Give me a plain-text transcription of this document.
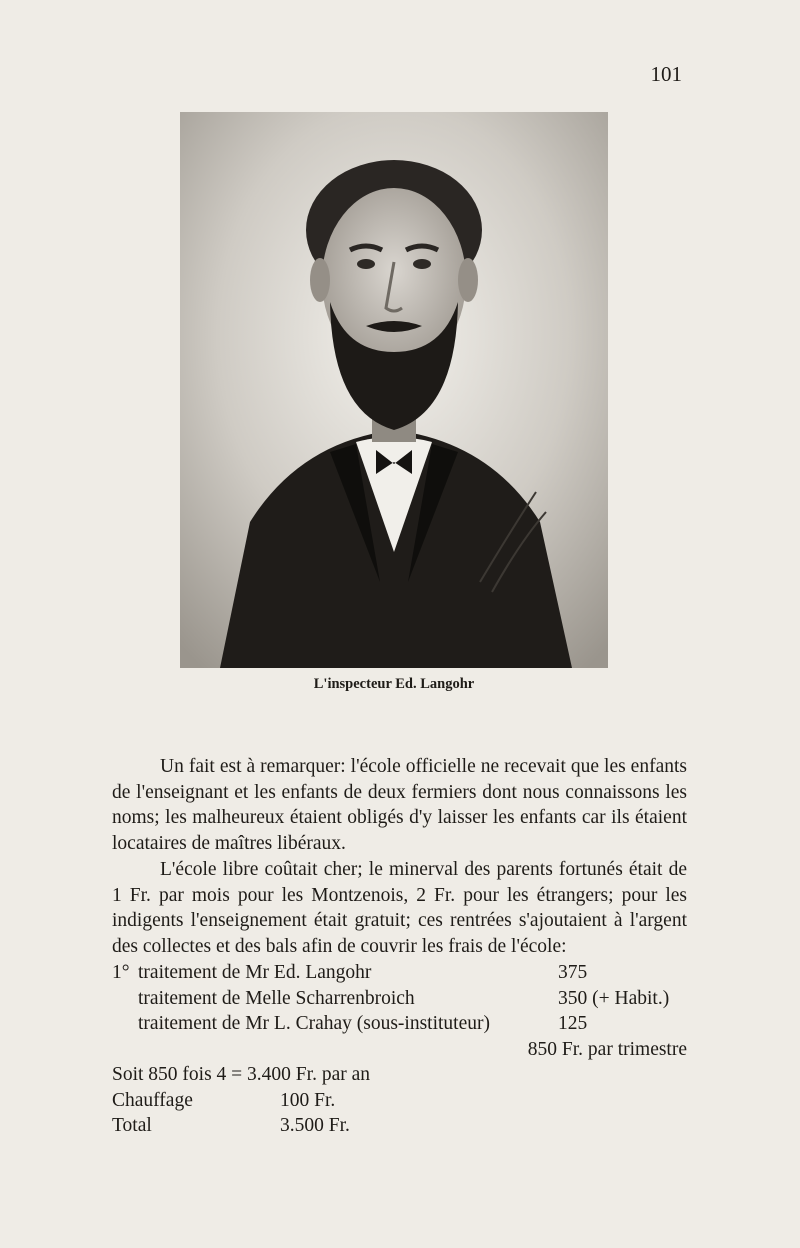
101
L'inspecteur Ed. Langohr

Un fait est à remarquer: l'école officielle ne recevait que les enfants de l'enseignant et les enfants de deux fermiers dont nous connaissons les noms; les malheureux étaient obligés d'y laisser les enfants car ils étaient locataires de maîtres libéraux.

L'école libre coûtait cher; le minerval des parents fortunés était de 1 Fr. par mois pour les Montzenois, 2 Fr. pour les étrangers; pour les indigents l'enseignement était gratuit; ces rentrées s'ajoutaient à l'argent des collectes et des bals afin de couvrir les frais de l'école:

1° traitement de Mr Ed. Langohr	375
traitement de Melle Scharrenbroich	350 (+ Habit.)
traitement de Mr L. Crahay (sous-instituteur)	125
850 Fr. par trimestre
Soit 850 fois 4 = 3.400 Fr. par an
Chauffage	100 Fr.
Total	3.500 Fr.
